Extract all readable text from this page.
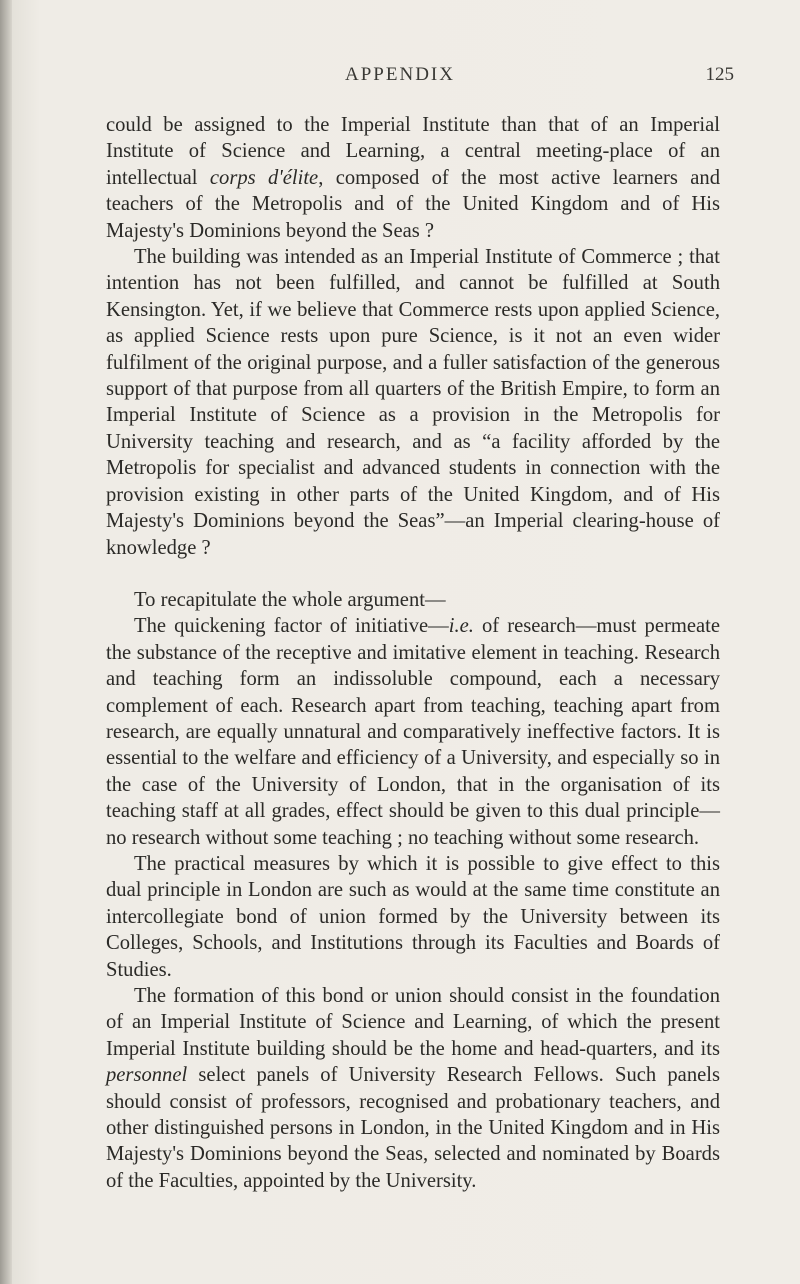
APPENDIX	125

could be assigned to the Imperial Institute than that of an Imperial Institute of Science and Learning, a central meeting-place of an intellectual corps d'élite, composed of the most active learners and teachers of the Metropolis and of the United Kingdom and of His Majesty's Dominions beyond the Seas ?

The building was intended as an Imperial Institute of Commerce ; that intention has not been fulfilled, and cannot be fulfilled at South Kensington. Yet, if we believe that Commerce rests upon applied Science, as applied Science rests upon pure Science, is it not an even wider fulfilment of the original purpose, and a fuller satisfaction of the generous support of that purpose from all quarters of the British Empire, to form an Imperial Institute of Science as a provision in the Metropolis for University teaching and research, and as “a facility afforded by the Metropolis for specialist and advanced students in connection with the provision existing in other parts of the United Kingdom, and of His Majesty's Dominions beyond the Seas”—an Imperial clearing-house of knowledge ?

To recapitulate the whole argument—

The quickening factor of initiative—i.e. of research—must permeate the substance of the receptive and imitative element in teaching. Research and teaching form an indissoluble compound, each a necessary complement of each. Research apart from teaching, teaching apart from research, are equally unnatural and comparatively ineffective factors. It is essential to the welfare and efficiency of a University, and especially so in the case of the University of London, that in the organisation of its teaching staff at all grades, effect should be given to this dual principle—no research without some teaching ; no teaching without some research.

The practical measures by which it is possible to give effect to this dual principle in London are such as would at the same time constitute an intercollegiate bond of union formed by the University between its Colleges, Schools, and Institutions through its Faculties and Boards of Studies.

The formation of this bond or union should consist in the foundation of an Imperial Institute of Science and Learning, of which the present Imperial Institute building should be the home and head-quarters, and its personnel select panels of University Research Fellows. Such panels should consist of professors, recognised and probationary teachers, and other distinguished persons in London, in the United Kingdom and in His Majesty's Dominions beyond the Seas, selected and nominated by Boards of the Faculties, appointed by the University.
